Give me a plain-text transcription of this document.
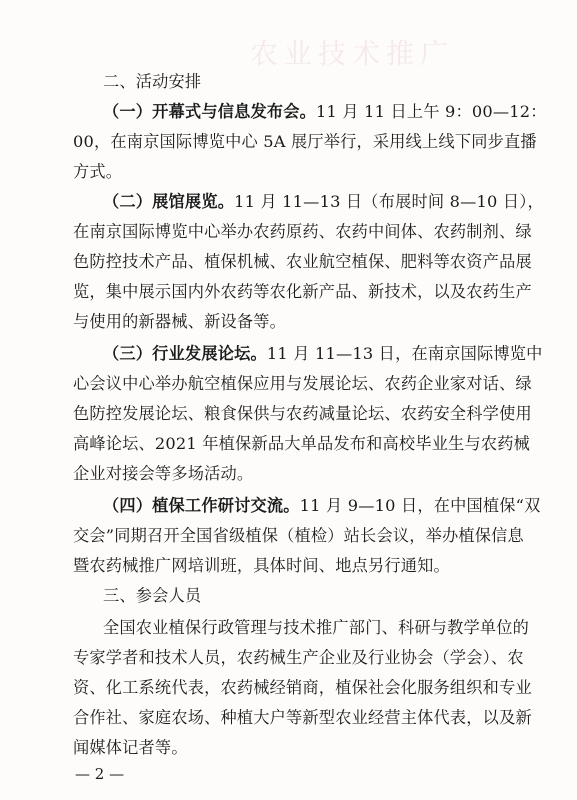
农业技术推广
二、活动安排
（一）开幕式与信息发布会。11 月 11 日上午 9：00—12：
00，在南京国际博览中心 5A 展厅举行，采用线上线下同步直播
方式。
（二）展馆展览。11 月 11—13 日（布展时间 8—10 日），
在南京国际博览中心举办农药原药、农药中间体、农药制剂、绿
色防控技术产品、植保机械、农业航空植保、肥料等农资产品展
览，集中展示国内外农药等农化新产品、新技术，以及农药生产
与使用的新器械、新设备等。
（三）行业发展论坛。11 月 11—13 日，在南京国际博览中
心会议中心举办航空植保应用与发展论坛、农药企业家对话、绿
色防控发展论坛、粮食保供与农药减量论坛、农药安全科学使用
高峰论坛、2021 年植保新品大单品发布和高校毕业生与农药械
企业对接会等多场活动。
（四）植保工作研讨交流。11 月 9—10 日，在中国植保“双
交会”同期召开全国省级植保（植检）站长会议，举办植保信息
暨农药械推广网培训班，具体时间、地点另行通知。
三、参会人员
全国农业植保行政管理与技术推广部门、科研与教学单位的
专家学者和技术人员，农药械生产企业及行业协会（学会）、农
资、化工系统代表，农药械经销商，植保社会化服务组织和专业
合作社、家庭农场、种植大户等新型农业经营主体代表，以及新
闻媒体记者等。
— 2 —
